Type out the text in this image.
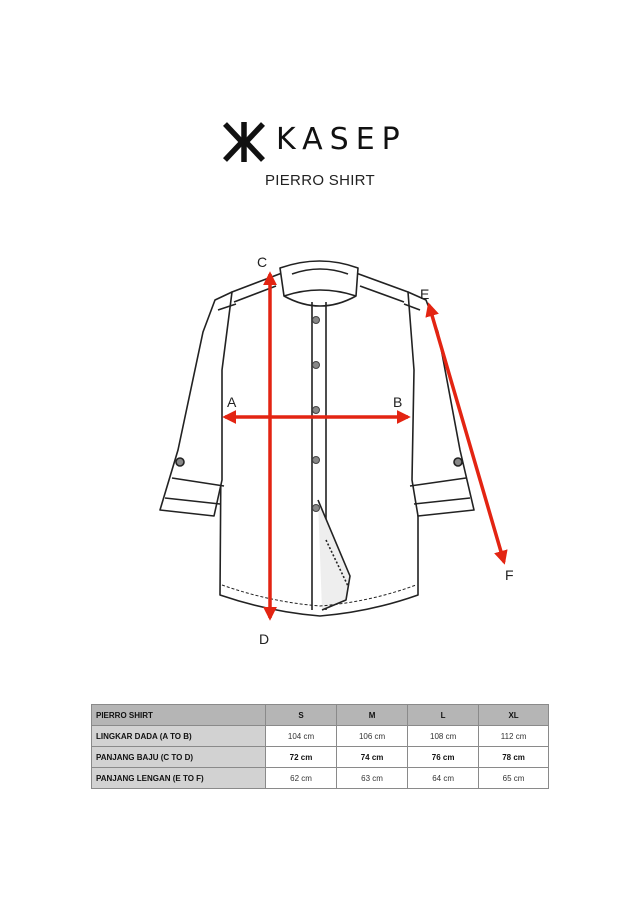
KASEP
PIERRO SHIRT
A	B
C
D
E
F
PIERRO SHIRT	S	M	L	XL
LINGKAR DADA (A TO B)	104 cm	106 cm	108 cm	112 cm
PANJANG BAJU (C TO D)	72 cm	74 cm	76 cm	78 cm
PANJANG LENGAN (E TO F)	62 cm	63 cm	64 cm	65 cm
